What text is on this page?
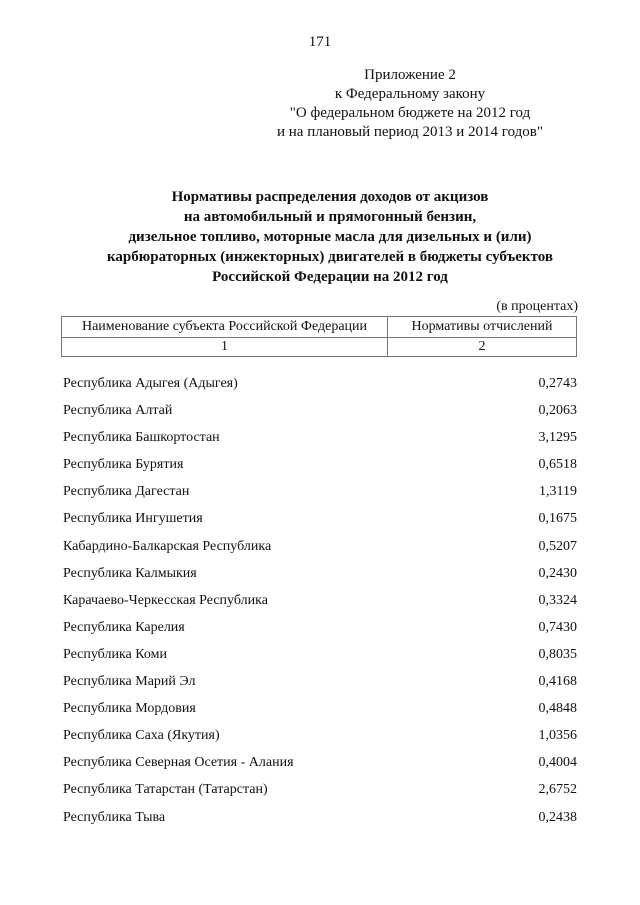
171
Приложение 2
к Федеральному закону
"О федеральном бюджете на 2012 год
и на плановый период 2013 и 2014 годов"
Нормативы распределения доходов от акцизов
на автомобильный и прямогонный бензин,
дизельное топливо, моторные масла для дизельных и (или)
карбюраторных (инжекторных) двигателей в бюджеты субъектов
Российской Федерации на 2012 год
(в процентах)
Наименование субъекта Российской Федерации	Нормативы отчислений
1	2
Республика Адыгея (Адыгея)	0,2743
Республика Алтай	0,2063
Республика Башкортостан	3,1295
Республика Бурятия	0,6518
Республика Дагестан	1,3119
Республика Ингушетия	0,1675
Кабардино-Балкарская Республика	0,5207
Республика Калмыкия	0,2430
Карачаево-Черкесская Республика	0,3324
Республика Карелия	0,7430
Республика Коми	0,8035
Республика Марий Эл	0,4168
Республика Мордовия	0,4848
Республика Саха (Якутия)	1,0356
Республика Северная Осетия - Алания	0,4004
Республика Татарстан (Татарстан)	2,6752
Республика Тыва	0,2438
